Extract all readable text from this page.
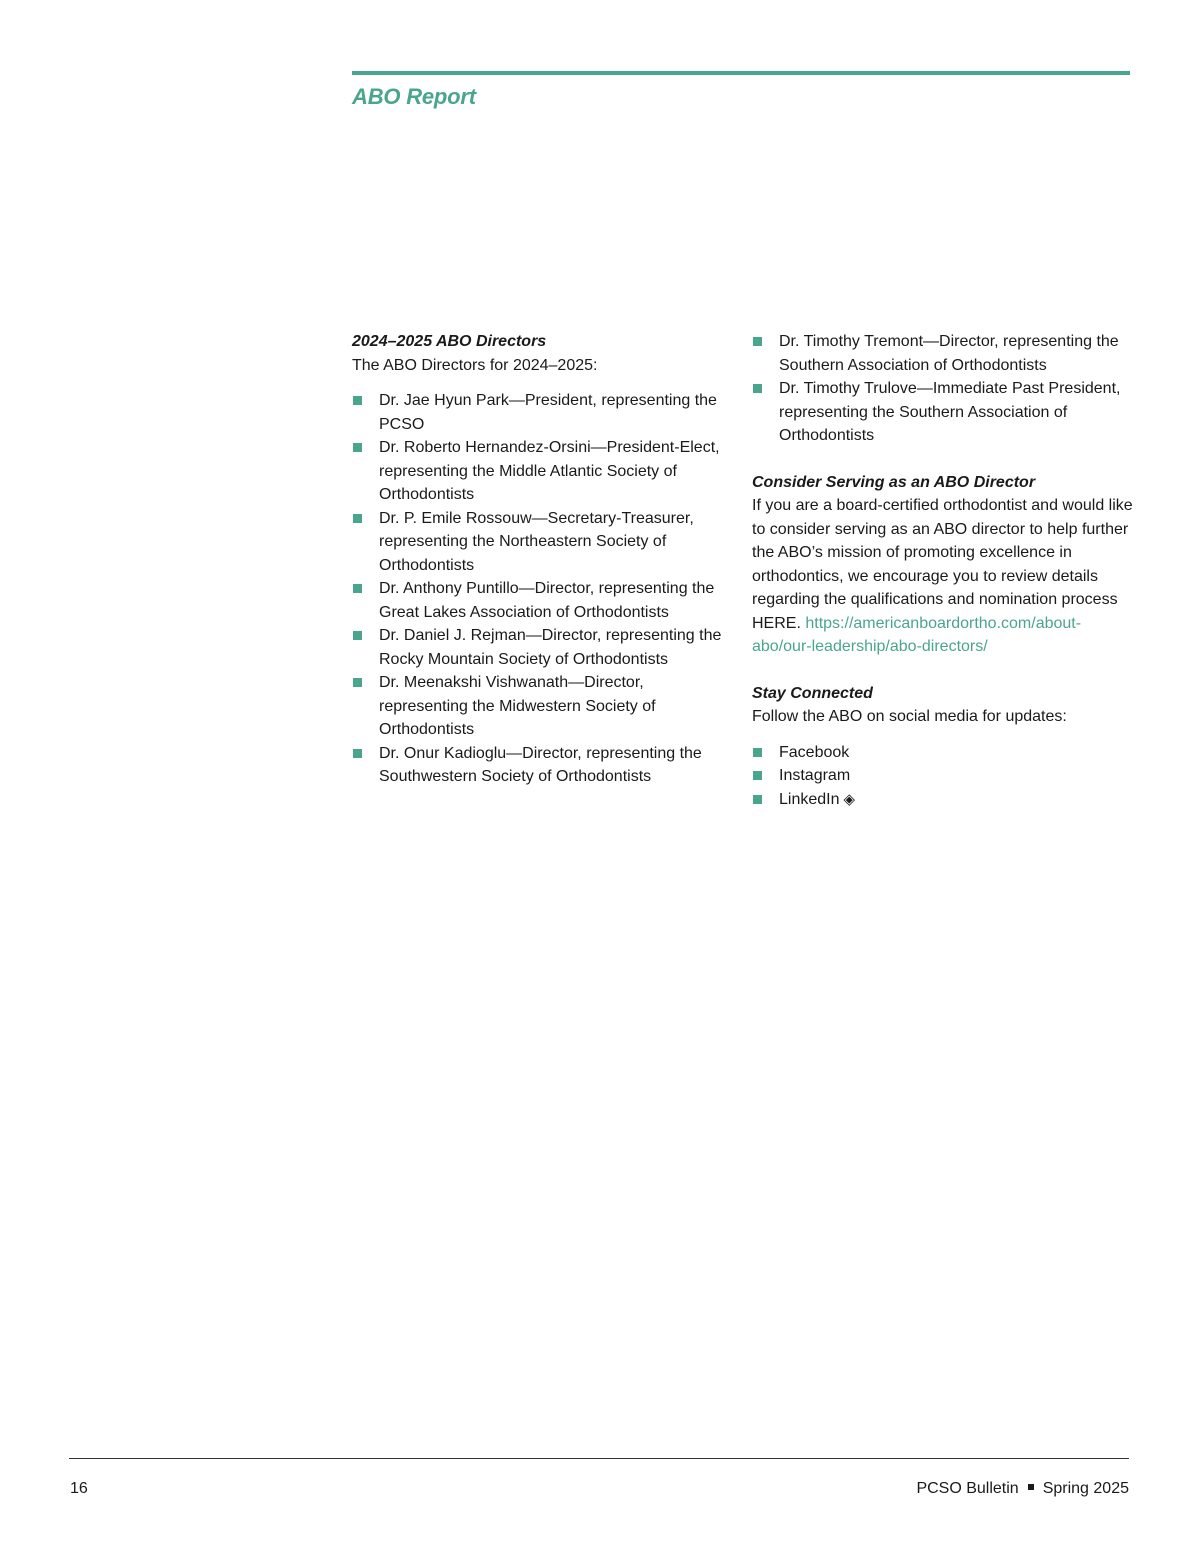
ABO Report
2024–2025 ABO Directors

The ABO Directors for 2024–2025:

Dr. Jae Hyun Park—President, representing the PCSO
Dr. Roberto Hernandez-Orsini—President-Elect, representing the Middle Atlantic Society of Orthodontists
Dr. P. Emile Rossouw—Secretary-Treasurer, representing the Northeastern Society of Orthodontists
Dr. Anthony Puntillo—Director, representing the Great Lakes Association of Orthodontists
Dr. Daniel J. Rejman—Director, representing the Rocky Mountain Society of Orthodontists
Dr. Meenakshi Vishwanath—Director, representing the Midwestern Society of Orthodontists
Dr. Onur Kadioglu—Director, representing the Southwestern Society of Orthodontists
Dr. Timothy Tremont—Director, representing the Southern Association of Orthodontists
Dr. Timothy Trulove—Immediate Past President, representing the Southern Association of Orthodontists
Consider Serving as an ABO Director

If you are a board-certified orthodontist and would like to consider serving as an ABO director to help further the ABO’s mission of promoting excellence in orthodontics, we encourage you to review details regarding the qualifications and nomination process HERE. https://americanboardortho.com/about-abo/our-leadership/abo-directors/

Stay Connected

Follow the ABO on social media for updates:

Facebook
Instagram
LinkedIn ◈
16	PCSO Bulletin Spring 2025
